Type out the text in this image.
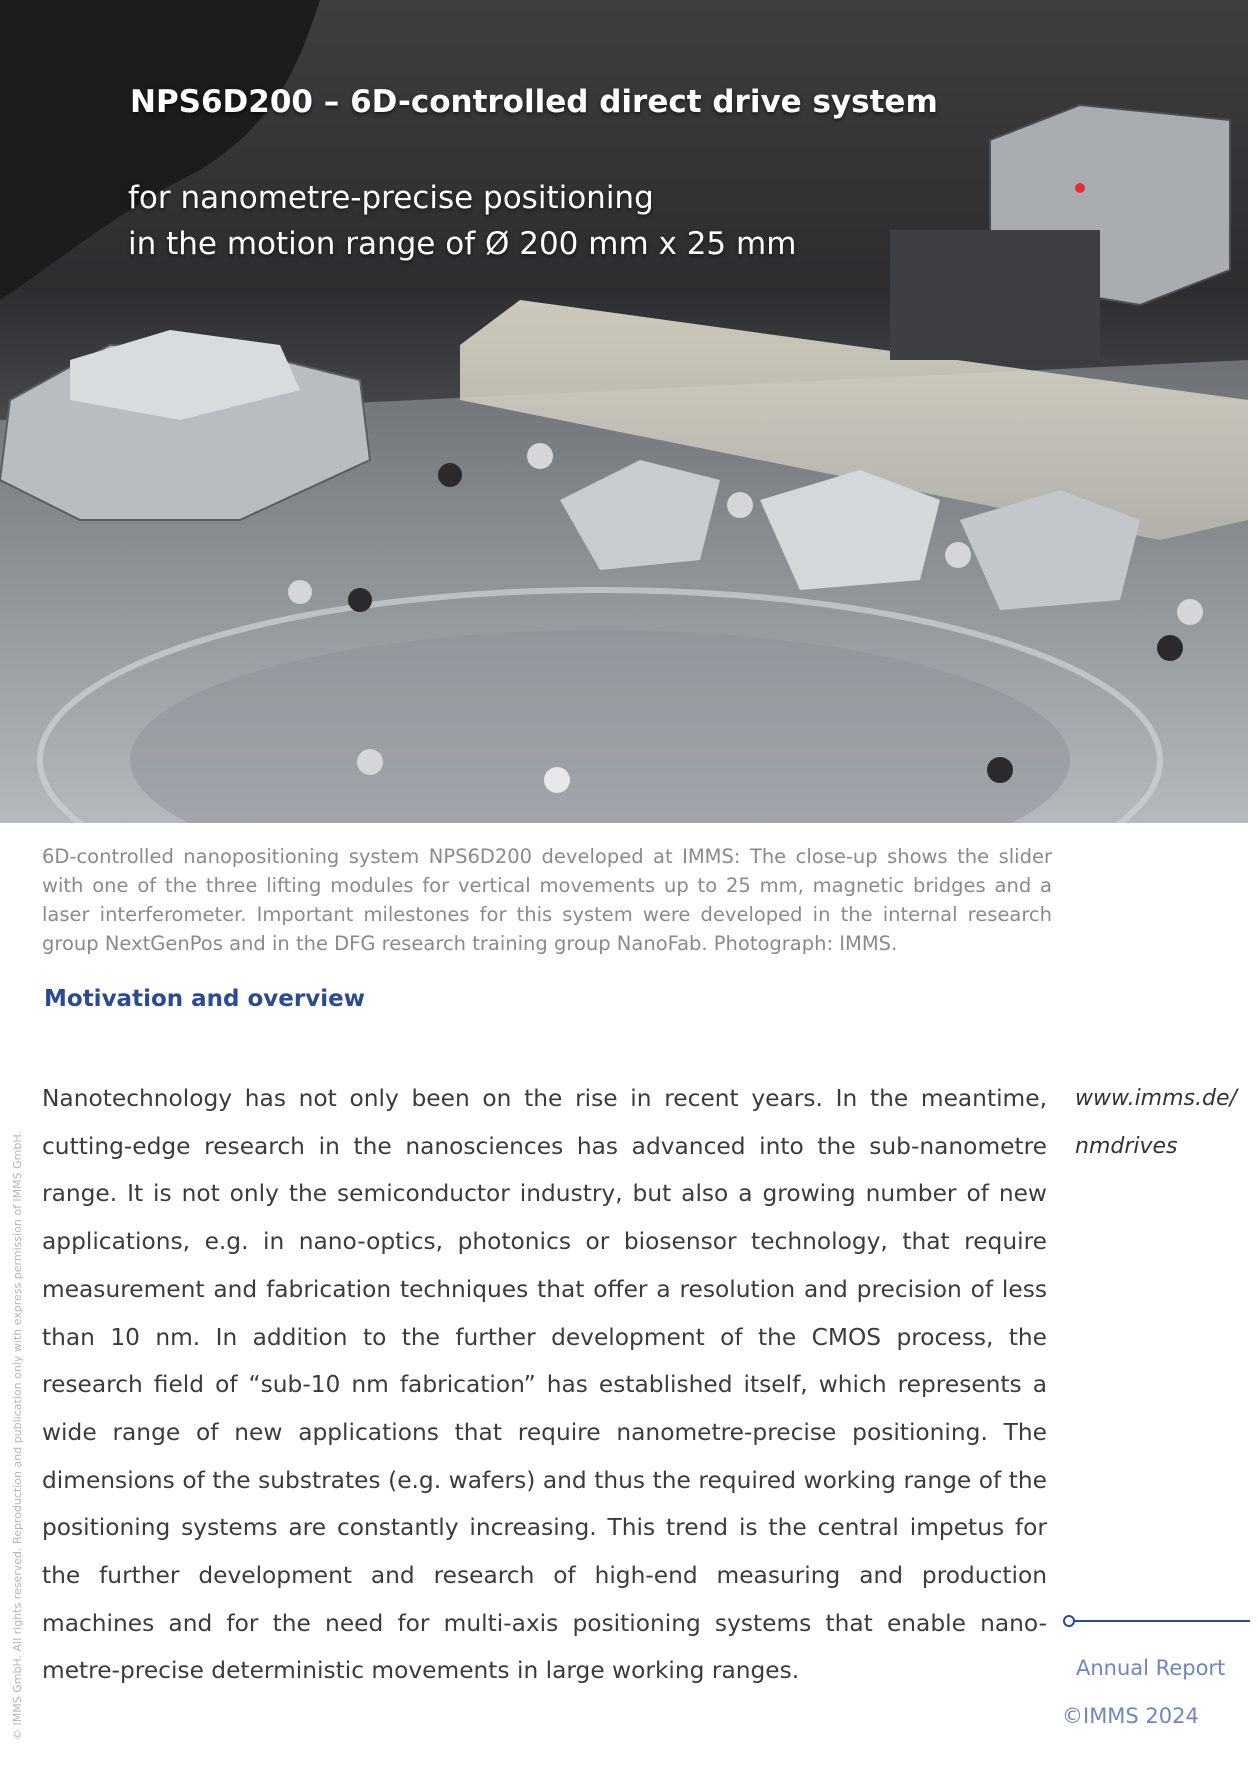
NPS6D200 – 6D-controlled direct drive system
for nanometre-precise positioning
in the motion range of Ø 200 mm x 25 mm
6D-controlled nanopositioning system NPS6D200 developed at IMMS: The close-up shows the slider with one of the three lifting modules for vertical movements up to 25 mm, magnetic bridges and a laser interferometer. Important milestones for this system were developed in the internal research group NextGenPos and in the DFG research training group NanoFab. Photograph: IMMS.
Motivation and overview
Nanotechnology has not only been on the rise in recent years. In the meantime, cutting-edge research in the nanosciences has advanced into the sub-nanometre range. It is not only the semiconductor industry, but also a growing number of new applications, e.g. in nano-optics, photonics or biosensor technology, that require measurement and fabrication techniques that offer a resolution and precision of less than 10 nm. In addition to the further development of the CMOS process, the research field of “sub-10 nm fabrication” has established itself, which represents a wide range of new applications that require nanometre-precise positioning. The dimensions of the substrates (e.g. wafers) and thus the required working range of the positioning systems are constantly increasing. This trend is the central impetus for the further development and research of high-end measuring and production machines and for the need for multi-axis positioning systems that enable nano-metre-precise deterministic movements in large working ranges.
www.imms.de/
nmdrives
Annual Report
©IMMS 2024
© IMMS GmbH. All rights reserved. Reproduction and publication only with express permission of IMMS GmbH.
